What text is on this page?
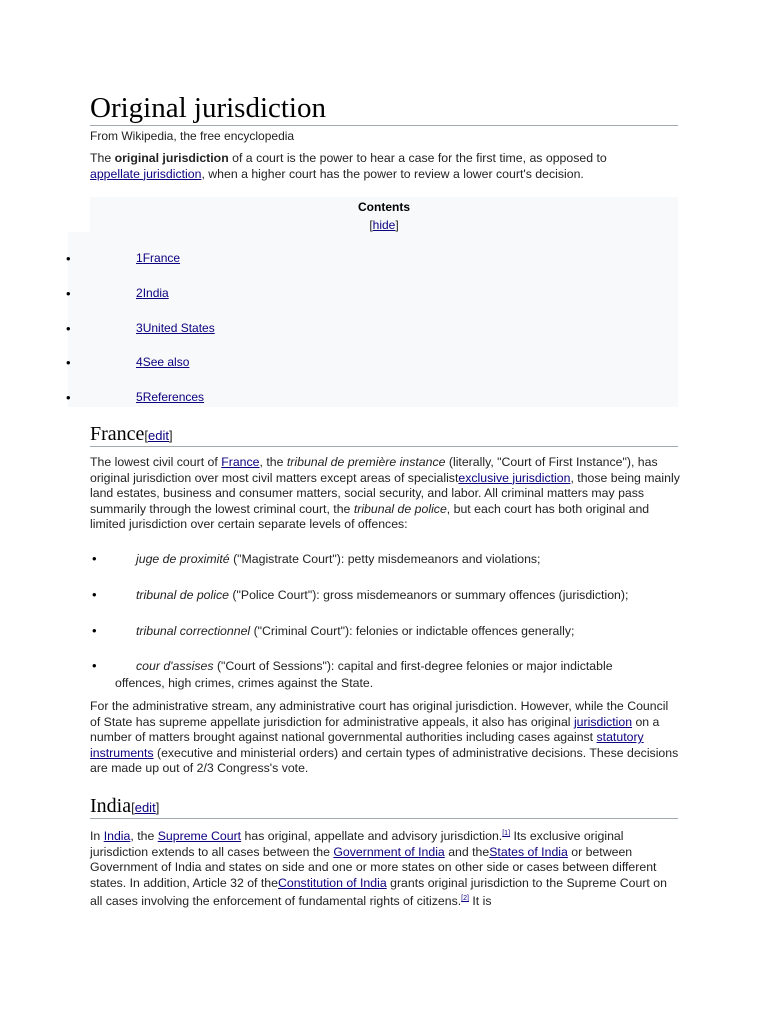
Original jurisdiction
From Wikipedia, the free encyclopedia
The original jurisdiction of a court is the power to hear a case for the first time, as opposed to appellate jurisdiction, when a higher court has the power to review a lower court's decision.
Contents
[hide]
•	1France
•	2India
•	3United States
•	4See also
•	5References
France[edit]
The lowest civil court of France, the tribunal de première instance (literally, "Court of First Instance"), has original jurisdiction over most civil matters except areas of specialistexclusive jurisdiction, those being mainly land estates, business and consumer matters, social security, and labor. All criminal matters may pass summarily through the lowest criminal court, the tribunal de police, but each court has both original and limited jurisdiction over certain separate levels of offences:
•	juge de proximité ("Magistrate Court"): petty misdemeanors and violations;
•	tribunal de police ("Police Court"): gross misdemeanors or summary offences (jurisdiction);
•	tribunal correctionnel ("Criminal Court"): felonies or indictable offences generally;
•	cour d'assises ("Court of Sessions"): capital and first-degree felonies or major indictable
offences, high crimes, crimes against the State.
For the administrative stream, any administrative court has original jurisdiction. However, while the Council of State has supreme appellate jurisdiction for administrative appeals, it also has original jurisdiction on a number of matters brought against national governmental authorities including cases against statutory instruments (executive and ministerial orders) and certain types of administrative decisions. These decisions are made up out of 2/3 Congress's vote.
India[edit]
In India, the Supreme Court has original, appellate and advisory jurisdiction.[1] Its exclusive original jurisdiction extends to all cases between the Government of India and theStates of India or between Government of India and states on side and one or more states on other side or cases between different states. In addition, Article 32 of theConstitution of India grants original jurisdiction to the Supreme Court on all cases involving the enforcement of fundamental rights of citizens.[2] It is
